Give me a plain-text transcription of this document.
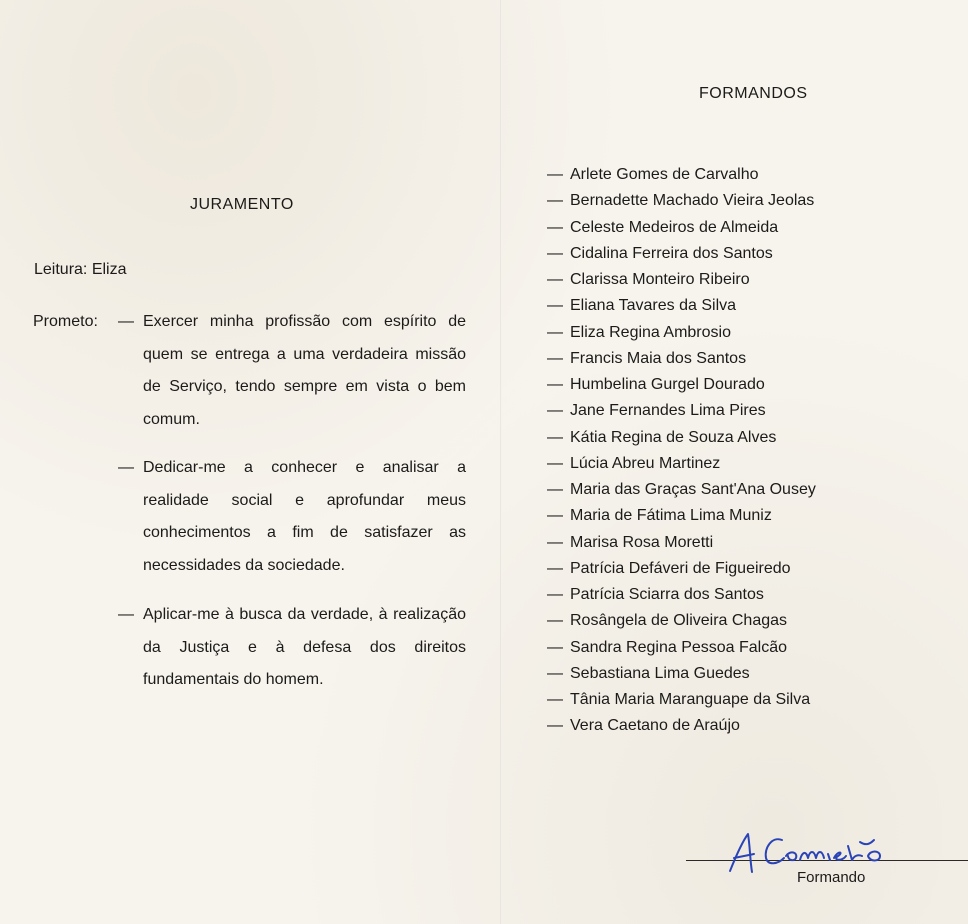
JURAMENTO
Leitura: Eliza
Prometo: — Exercer minha profissão com espírito de quem se entrega a uma verdadeira missão de Serviço, tendo sempre em vista o bem comum.
— Dedicar-me a conhecer e analisar a realidade social e aprofundar meus conhecimentos a fim de satisfazer as necessidades da sociedade.
— Aplicar-me à busca da verdade, à realização da Justiça e à defesa dos direitos fundamentais do homem.
FORMANDOS
— Arlete Gomes de Carvalho
— Bernadette Machado Vieira Jeolas
— Celeste Medeiros de Almeida
— Cidalina Ferreira dos Santos
— Clarissa Monteiro Ribeiro
— Eliana Tavares da Silva
— Eliza Regina Ambrosio
— Francis Maia dos Santos
— Humbelina Gurgel Dourado
— Jane Fernandes Lima Pires
— Kátia Regina de Souza Alves
— Lúcia Abreu Martinez
— Maria das Graças Sant'Ana Ousey
— Maria de Fátima Lima Muniz
— Marisa Rosa Moretti
— Patrícia Defáveri de Figueiredo
— Patrícia Sciarra dos Santos
— Rosângela de Oliveira Chagas
— Sandra Regina Pessoa Falcão
— Sebastiana Lima Guedes
— Tânia Maria Maranguape da Silva
— Vera Caetano de Araújo
Formando
